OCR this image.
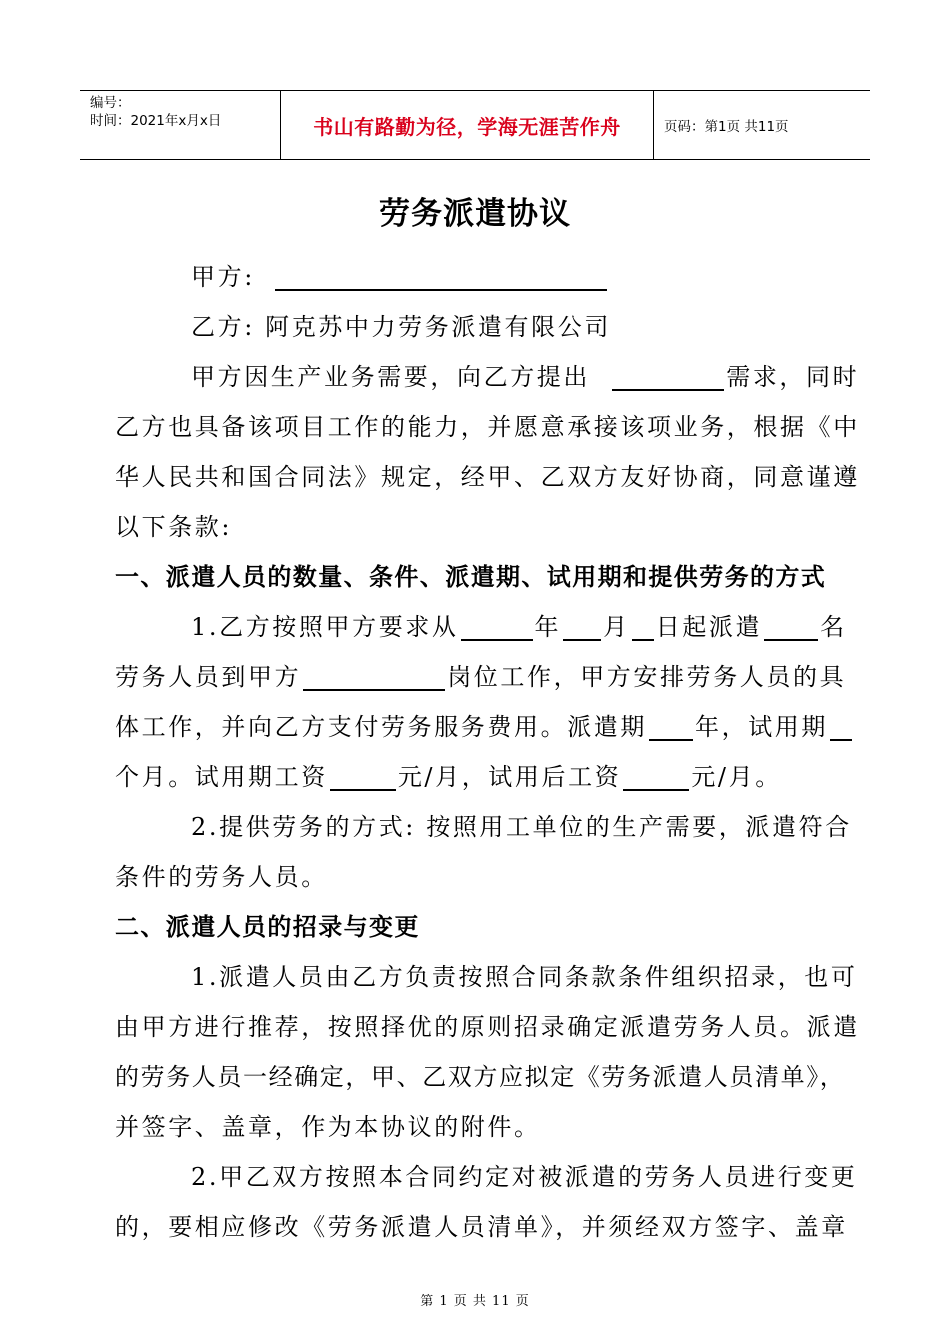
编号：
时间：2021年x月x日	书山有路勤为径，学海无涯苦作舟	页码：第1页 共11页
劳务派遣协议
甲方:
乙方: 阿克苏中力劳务派遣有限公司
甲方因生产业务需要，向乙方提出	需求，同时
乙方也具备该项目工作的能力，并愿意承接该项业务，根据《中
华人民共和国合同法》规定，经甲、乙双方友好协商，同意谨遵
以下条款:
一、派遣人员的数量、条件、派遣期、试用期和提供劳务的方式
1.乙方按照甲方要求从	年 月 日起派遣 名
劳务人员到甲方	岗位工作，甲方安排劳务人员的具
体工作，并向乙方支付劳务服务费用。派遣期 年，试用期
个月。试用期工资	元/月，试用后工资	元/月。
2.提供劳务的方式: 按照用工单位的生产需要，派遣符合
条件的劳务人员。
二、派遣人员的招录与变更
1.派遣人员由乙方负责按照合同条款条件组织招录，也可
由甲方进行推荐，按照择优的原则招录确定派遣劳务人员。派遣
的劳务人员一经确定，甲、乙双方应拟定《劳务派遣人员清单》，
并签字、盖章，作为本协议的附件。
2.甲乙双方按照本合同约定对被派遣的劳务人员进行变更
的，要相应修改《劳务派遣人员清单》，并须经双方签字、盖章
第 1 页 共 11 页
